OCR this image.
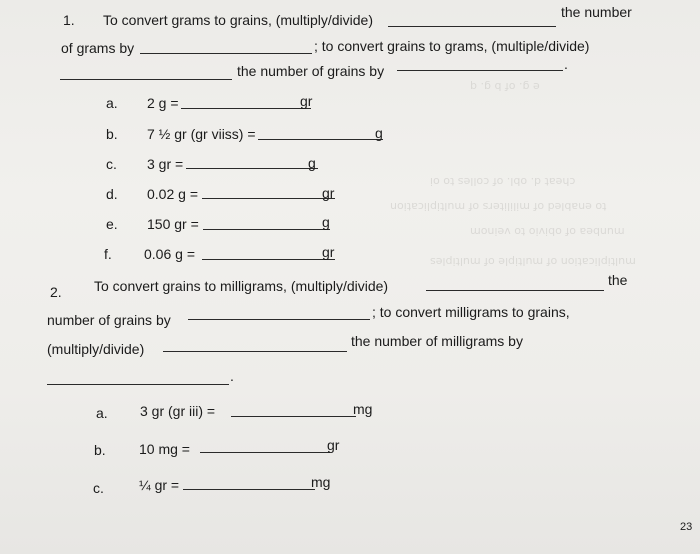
e g. of b g. q
cheat d. obl. of colles to oi
to enabled of mililiters of multiplication
munbea of obivio to veinom
multiplication of multiple of multiples
1. To convert grams to grains, (multiply/divide)	the number
of grams by	; to convert grains to grams, (multiple/divide)
the number of grains by	.
a. 2 g =	gr
b. 7 ½ gr (gr viiss) =	g
c. 3 gr =	g
d. 0.02 g =	gr
e. 150 gr =	g
f. 0.06 g =	gr
2. To convert grains to milligrams, (multiply/divide)	the
number of grains by	; to convert milligrams to grains,
(multiply/divide)	the number of milligrams by
.
a. 3 gr (gr iii) =	mg
b. 10 mg =	gr
c.	¼ gr =	mg
23
